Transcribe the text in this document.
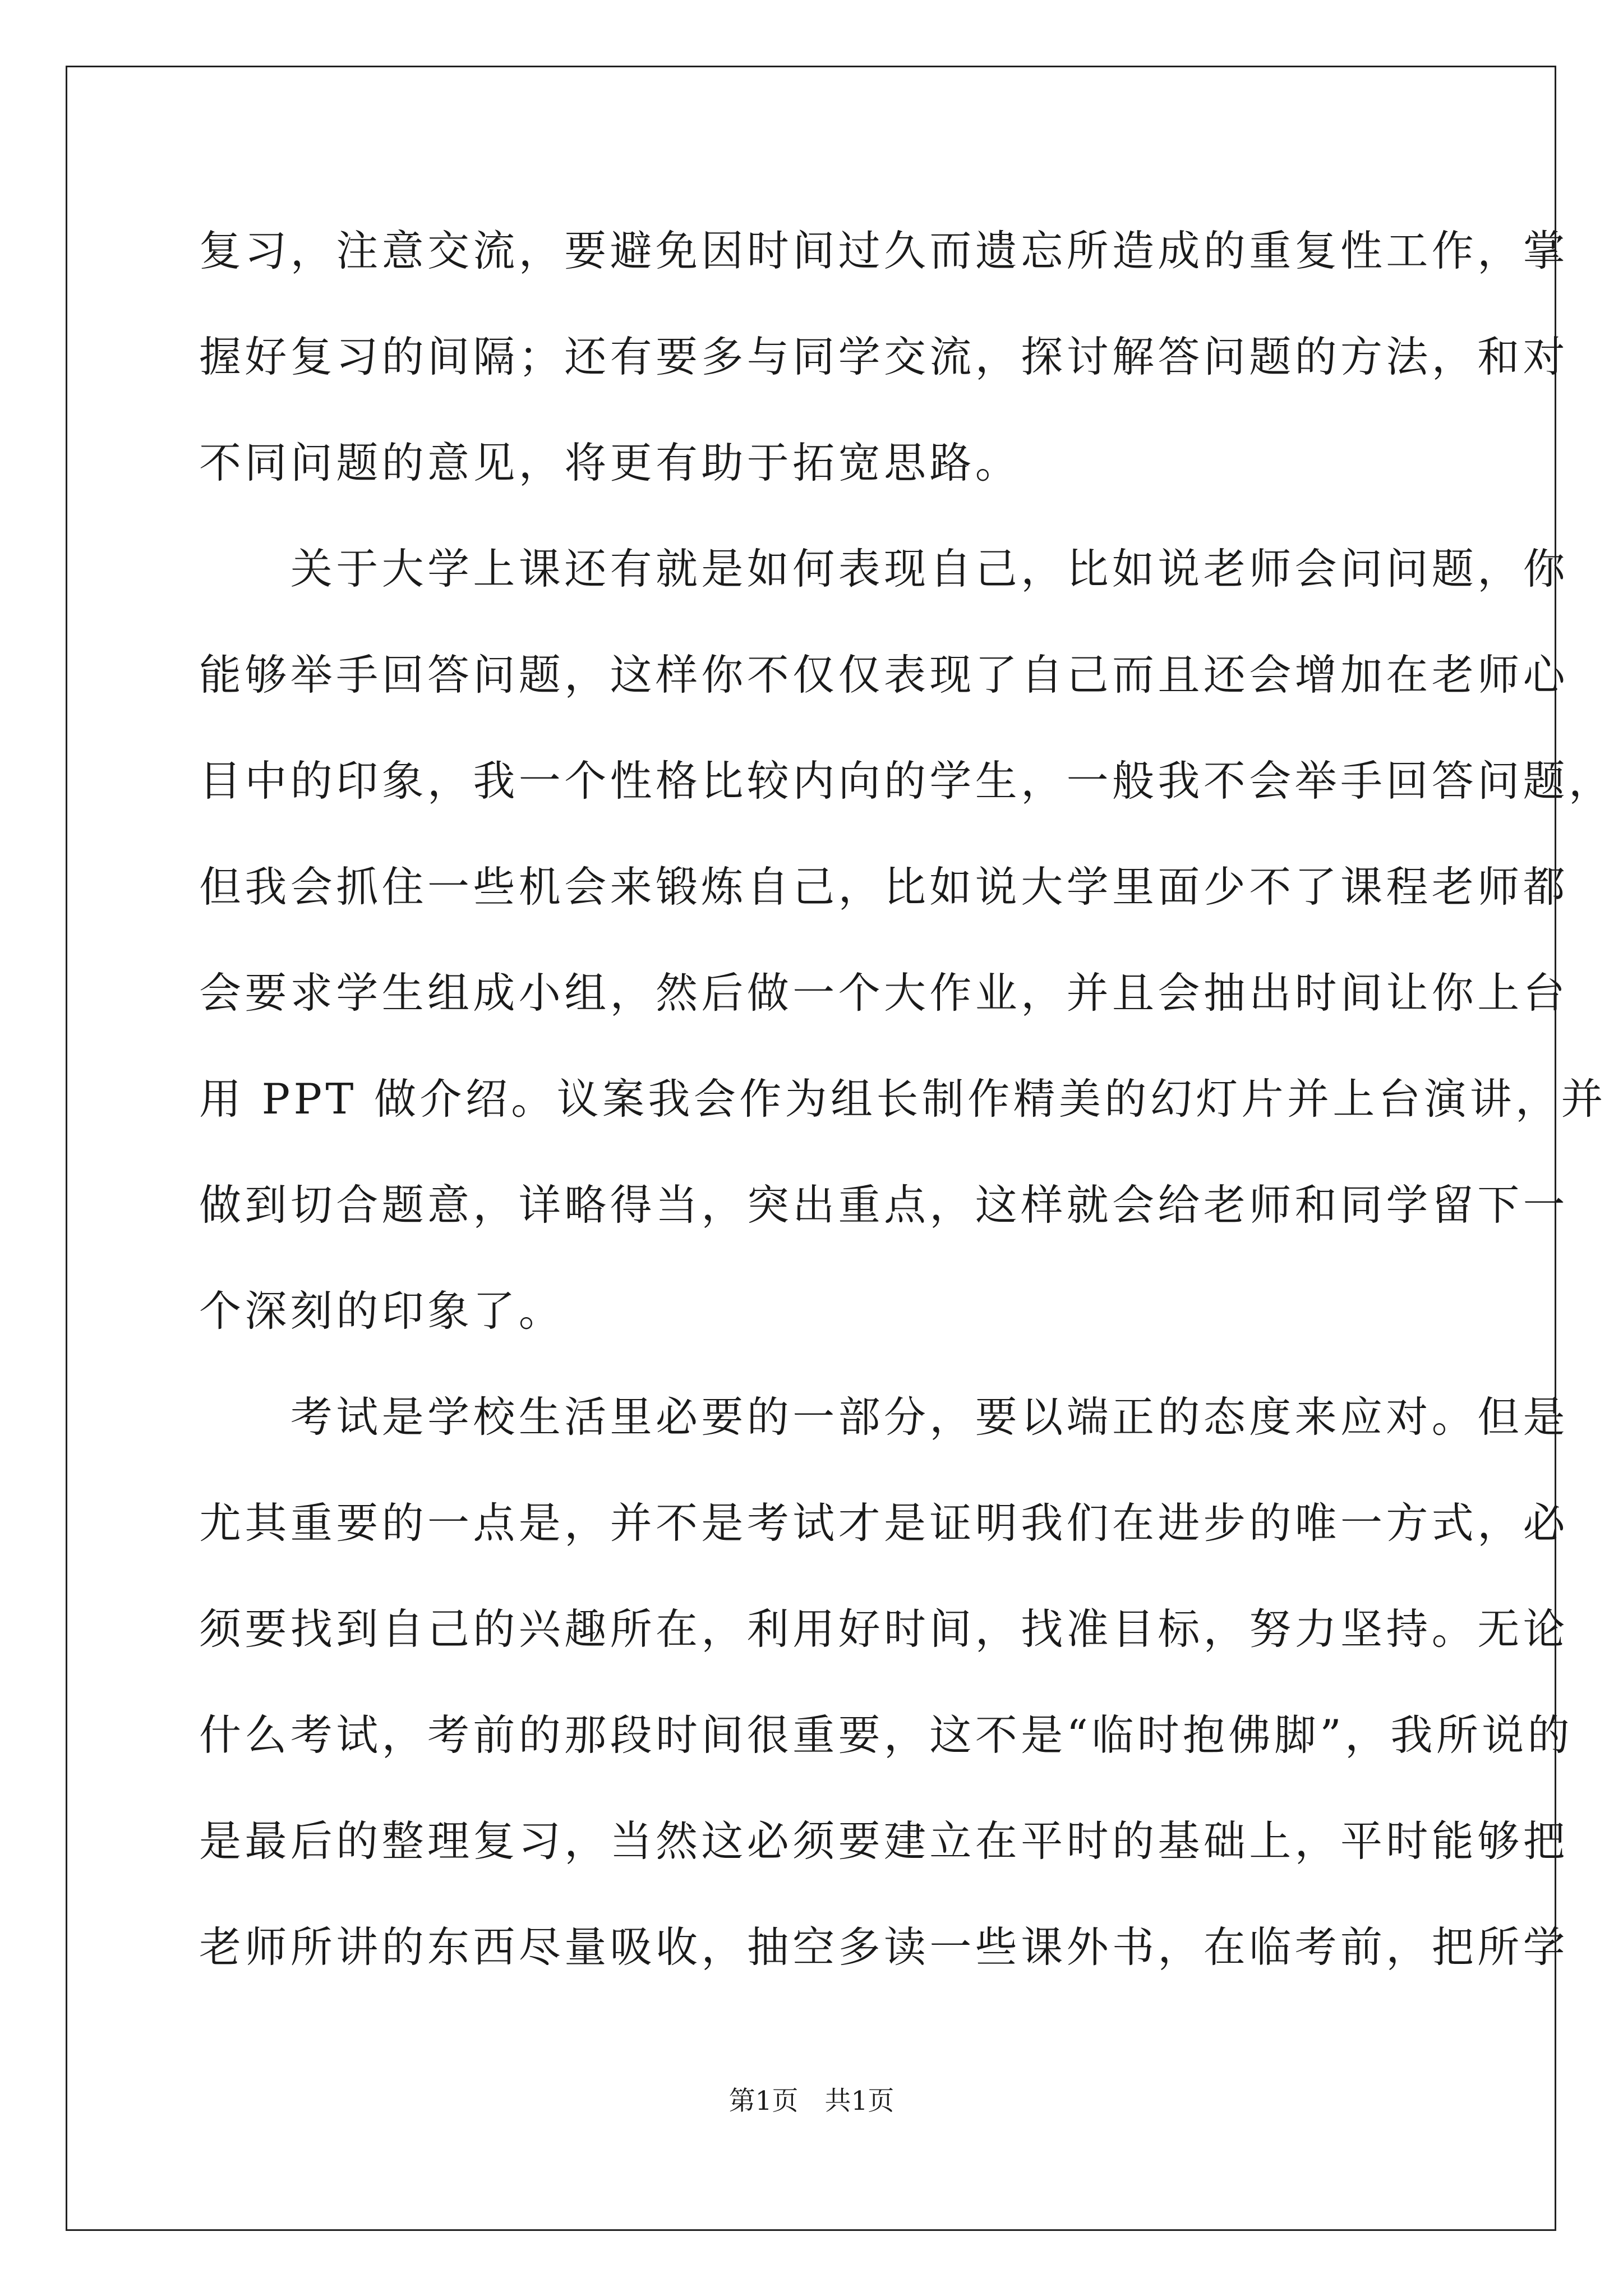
复习，注意交流，要避免因时间过久而遗忘所造成的重复性工作，掌
握好复习的间隔；还有要多与同学交流，探讨解答问题的方法，和对
不同问题的意见，将更有助于拓宽思路。
　　关于大学上课还有就是如何表现自己，比如说老师会问问题，你
能够举手回答问题，这样你不仅仅表现了自己而且还会增加在老师心
目中的印象，我一个性格比较内向的学生，一般我不会举手回答问题，
但我会抓住一些机会来锻炼自己，比如说大学里面少不了课程老师都
会要求学生组成小组，然后做一个大作业，并且会抽出时间让你上台
用 PPT 做介绍。议案我会作为组长制作精美的幻灯片并上台演讲，并
做到切合题意，详略得当，突出重点，这样就会给老师和同学留下一
个深刻的印象了。
　　考试是学校生活里必要的一部分，要以端正的态度来应对。但是
尤其重要的一点是，并不是考试才是证明我们在进步的唯一方式，必
须要找到自己的兴趣所在，利用好时间，找准目标，努力坚持。无论
什么考试，考前的那段时间很重要，这不是“临时抱佛脚”，我所说的
是最后的整理复习，当然这必须要建立在平时的基础上，平时能够把
老师所讲的东西尽量吸收，抽空多读一些课外书，在临考前，把所学
第1页　共1页
